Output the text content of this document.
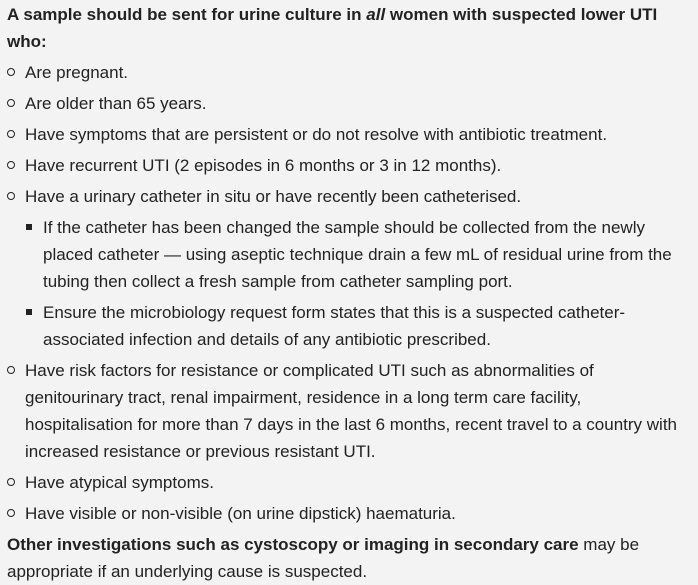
A sample should be sent for urine culture in all women with suspected lower UTI who:

Are pregnant.
Are older than 65 years.
Have symptoms that are persistent or do not resolve with antibiotic treatment.
Have recurrent UTI (2 episodes in 6 months or 3 in 12 months).
Have a urinary catheter in situ or have recently been catheterised.
If the catheter has been changed the sample should be collected from the newly placed catheter — using aseptic technique drain a few mL of residual urine from the tubing then collect a fresh sample from catheter sampling port.
Ensure the microbiology request form states that this is a suspected catheter-associated infection and details of any antibiotic prescribed.
Have risk factors for resistance or complicated UTI such as abnormalities of genitourinary tract, renal impairment, residence in a long term care facility, hospitalisation for more than 7 days in the last 6 months, recent travel to a country with increased resistance or previous resistant UTI.
Have atypical symptoms.
Have visible or non-visible (on urine dipstick) haematuria.

Other investigations such as cystoscopy or imaging in secondary care may be appropriate if an underlying cause is suspected.
